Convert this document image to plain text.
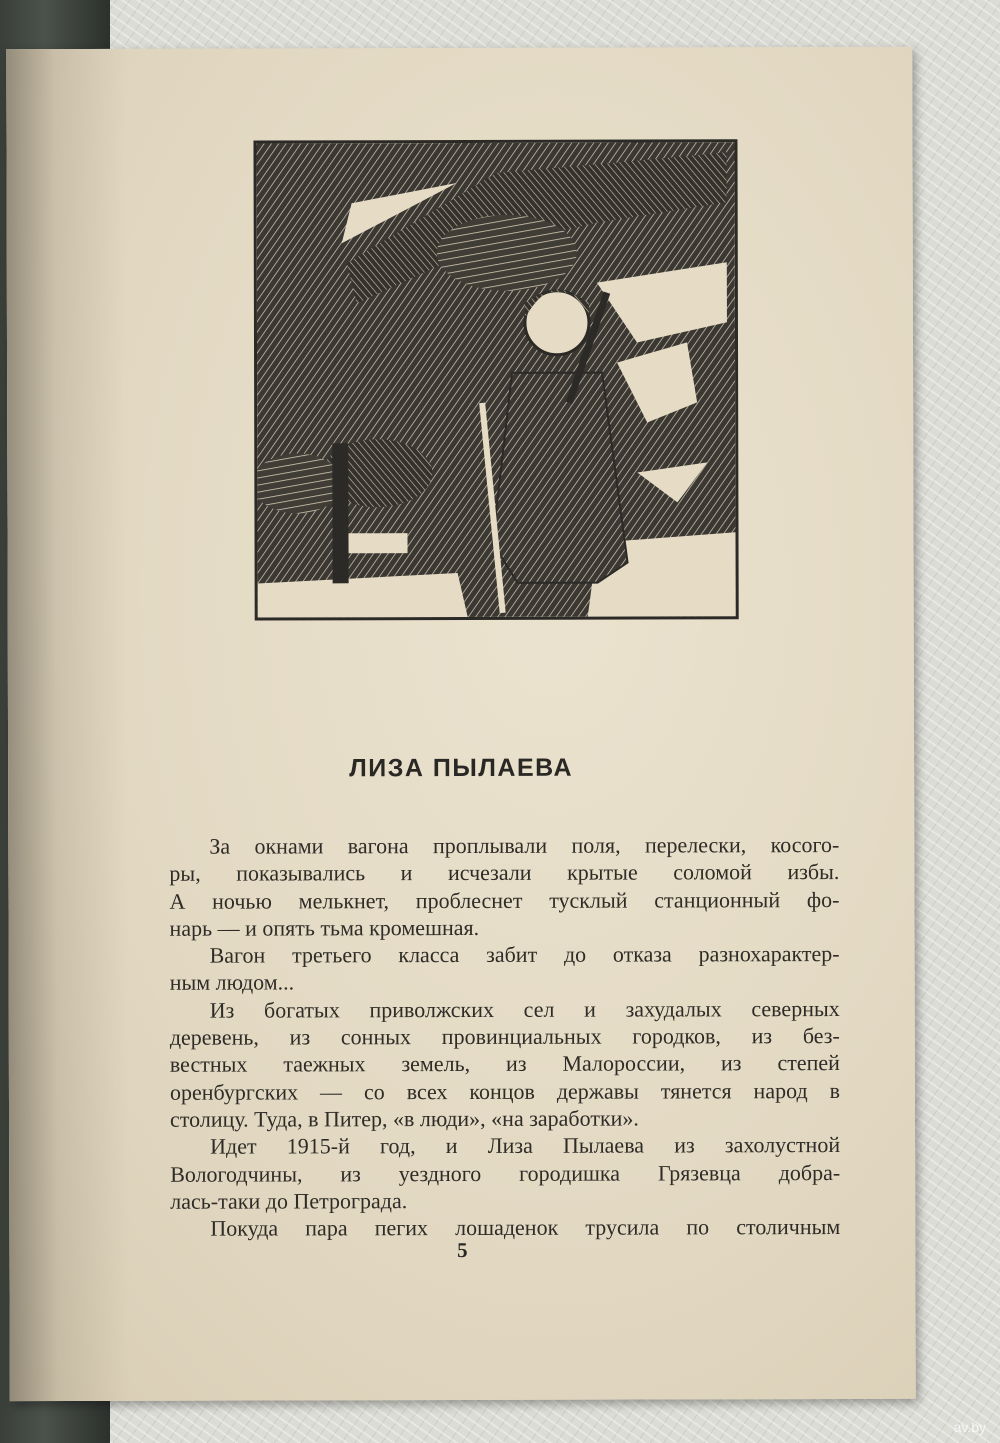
ЛИЗА ПЫЛАЕВА
За окнами вагона проплывали поля, перелески, косого-
ры, показывались и исчезали крытые соломой избы.
А ночью мелькнет, проблеснет тусклый станционный фо-
нарь — и опять тьма кромешная.
Вагон третьего класса забит до отказа разнохарактер-
ным людом...
Из богатых приволжских сел и захудалых северных
деревень, из сонных провинциальных городков, из без-
вестных таежных земель, из Малороссии, из степей
оренбургских — со всех концов державы тянется народ в
столицу. Туда, в Питер, «в люди», «на заработки».
Идет 1915-й год, и Лиза Пылаева из захолустной
Вологодчины, из уездного городишка Грязевца добра-
лась-таки до Петрограда.
Покуда пара пегих лошаденок трусила по столичным
5
av.by
